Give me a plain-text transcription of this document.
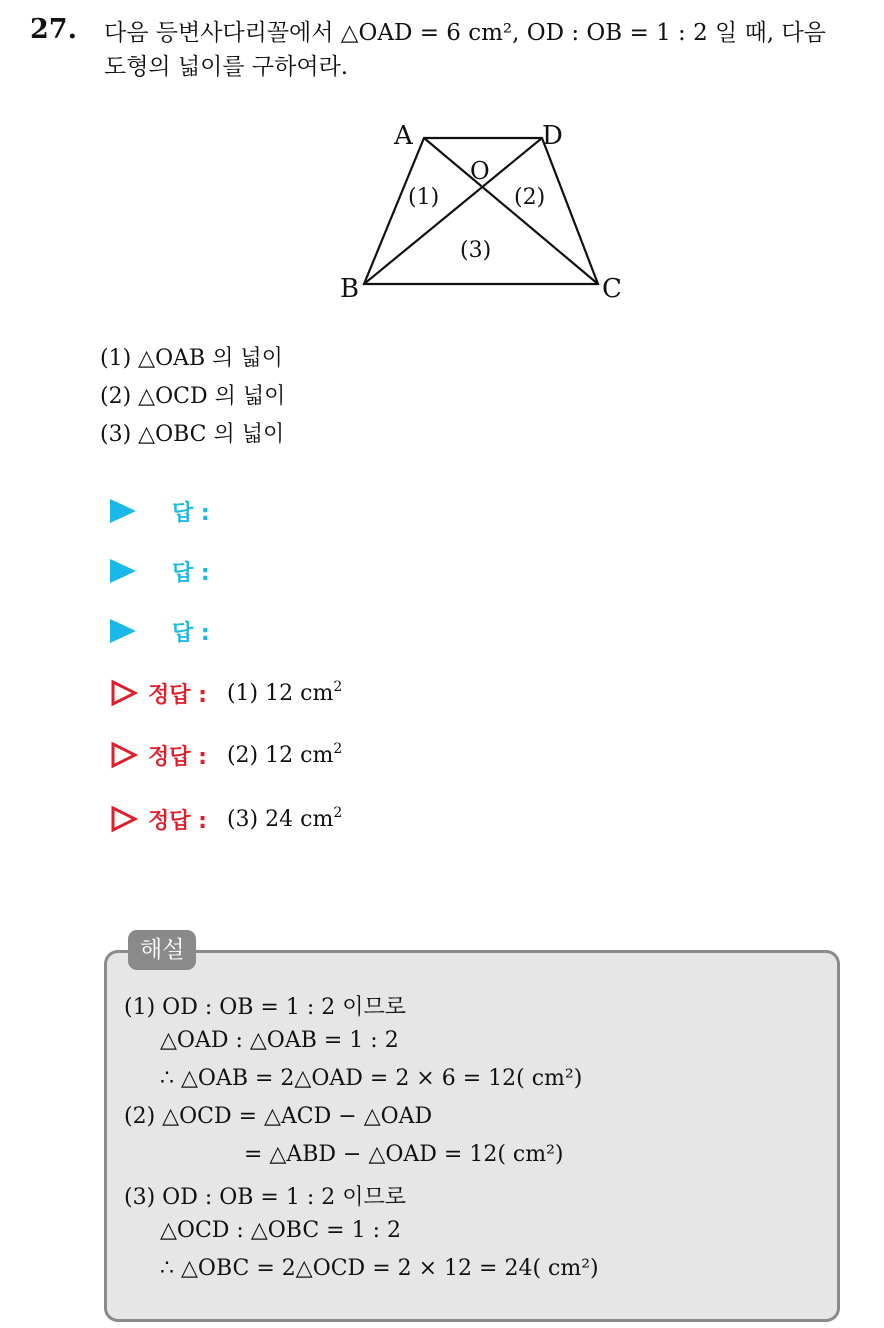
27. 다음 등변사다리꼴에서 △OAD = 6 cm², OD : OB = 1 : 2 일 때, 다음

도형의 넓이를 구하여라.

A	D
O
B	C
(1)	(2)
(3)
(1) △OAB 의 넓이
(2) △OCD 의 넓이
(3) △OBC 의 넓이
답 :
답 :
답 :
정답 : (1) 12 $cm^2$
정답 : (2) 12 $cm^2$
정답 : (3) 24 $cm^2$
해설
(1) OD : OB = 1 : 2 이므로
△OAD : △OAB = 1 : 2
∴ △OAB = 2△OAD = 2 × 6 = 12( cm²)
(2) △OCD = △ACD − △OAD
= △ABD − △OAD = 12( cm²)
(3) OD : OB = 1 : 2 이므로
△OCD : △OBC = 1 : 2
∴ △OBC = 2△OCD = 2 × 12 = 24( cm²)
